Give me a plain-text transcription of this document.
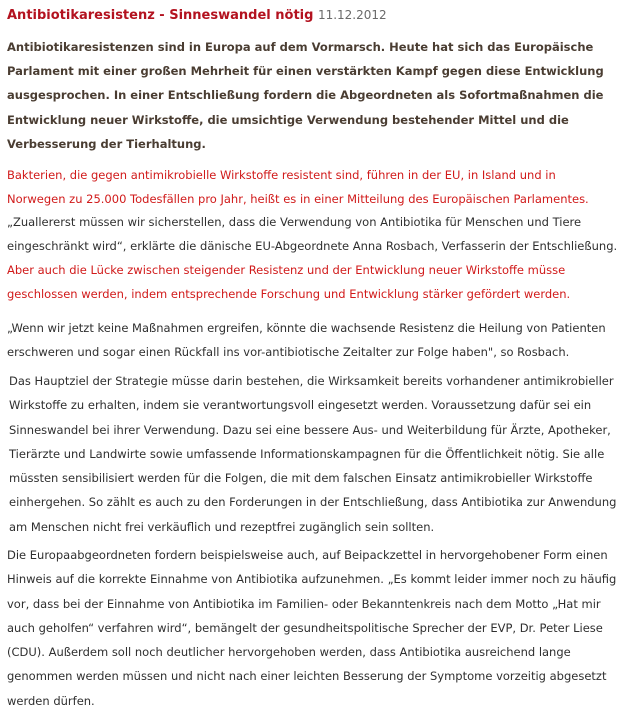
Antibiotikaresistenz - Sinneswandel nötig 11.12.2012

Antibiotikaresistenzen sind in Europa auf dem Vormarsch. Heute hat sich das Europäische
Parlament mit einer großen Mehrheit für einen verstärkten Kampf gegen diese Entwicklung
ausgesprochen. In einer Entschließung fordern die Abgeordneten als Sofortmaßnahmen die
Entwicklung neuer Wirkstoffe, die umsichtige Verwendung bestehender Mittel und die
Verbesserung der Tierhaltung.

Bakterien, die gegen antimikrobielle Wirkstoffe resistent sind, führen in der EU, in Island und in
Norwegen zu 25.000 Todesfällen pro Jahr, heißt es in einer Mitteilung des Europäischen Parlamentes.

„Zuallererst müssen wir sicherstellen, dass die Verwendung von Antibiotika für Menschen und Tiere
eingeschränkt wird“, erklärte die dänische EU-Abgeordnete Anna Rosbach, Verfasserin der Entschließung.

Aber auch die Lücke zwischen steigender Resistenz und der Entwicklung neuer Wirkstoffe müsse
geschlossen werden, indem entsprechende Forschung und Entwicklung stärker gefördert werden.

„Wenn wir jetzt keine Maßnahmen ergreifen, könnte die wachsende Resistenz die Heilung von Patienten
erschweren und sogar einen Rückfall ins vor-antibiotische Zeitalter zur Folge haben", so Rosbach.

Das Hauptziel der Strategie müsse darin bestehen, die Wirksamkeit bereits vorhandener antimikrobieller
Wirkstoffe zu erhalten, indem sie verantwortungsvoll eingesetzt werden. Voraussetzung dafür sei ein
Sinneswandel bei ihrer Verwendung. Dazu sei eine bessere Aus- und Weiterbildung für Ärzte, Apotheker,
Tierärzte und Landwirte sowie umfassende Informationskampagnen für die Öffentlichkeit nötig. Sie alle
müssten sensibilisiert werden für die Folgen, die mit dem falschen Einsatz antimikrobieller Wirkstoffe
einhergehen. So zählt es auch zu den Forderungen in der Entschließung, dass Antibiotika zur Anwendung
am Menschen nicht frei verkäuflich und rezeptfrei zugänglich sein sollten.

Die Europaabgeordneten fordern beispielsweise auch, auf Beipackzettel in hervorgehobener Form einen
Hinweis auf die korrekte Einnahme von Antibiotika aufzunehmen. „Es kommt leider immer noch zu häufig
vor, dass bei der Einnahme von Antibiotika im Familien- oder Bekanntenkreis nach dem Motto „Hat mir
auch geholfen“ verfahren wird“, bemängelt der gesundheitspolitische Sprecher der EVP, Dr. Peter Liese
(CDU). Außerdem soll noch deutlicher hervorgehoben werden, dass Antibiotika ausreichend lange
genommen werden müssen und nicht nach einer leichten Besserung der Symptome vorzeitig abgesetzt
werden dürfen.
